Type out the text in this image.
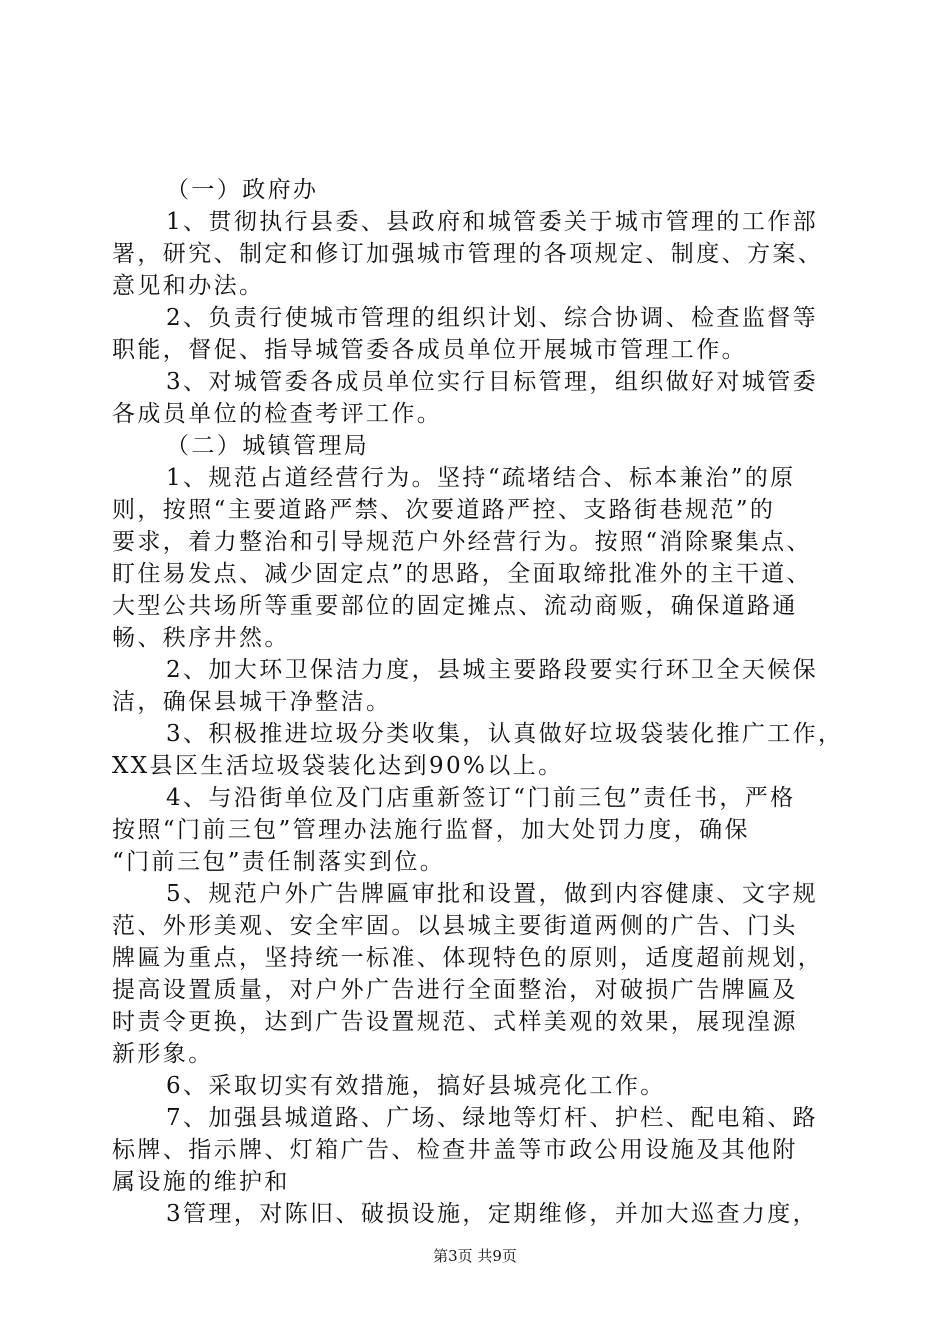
（一）政府办
1、贯彻执行县委、县政府和城管委关于城市管理的工作部
署，研究、制定和修订加强城市管理的各项规定、制度、方案、
意见和办法。
2、负责行使城市管理的组织计划、综合协调、检查监督等
职能，督促、指导城管委各成员单位开展城市管理工作。
3、对城管委各成员单位实行目标管理，组织做好对城管委
各成员单位的检查考评工作。
（二）城镇管理局
1、规范占道经营行为。坚持“疏堵结合、标本兼治”的原
则，按照“主要道路严禁、次要道路严控、支路街巷规范”的
要求，着力整治和引导规范户外经营行为。按照“消除聚集点、
盯住易发点、减少固定点”的思路，全面取缔批准外的主干道、
大型公共场所等重要部位的固定摊点、流动商贩，确保道路通
畅、秩序井然。
2、加大环卫保洁力度，县城主要路段要实行环卫全天候保
洁，确保县城干净整洁。
3、积极推进垃圾分类收集，认真做好垃圾袋装化推广工作，
XX县区生活垃圾袋装化达到90%以上。
4、与沿街单位及门店重新签订“门前三包”责任书，严格
按照“门前三包”管理办法施行监督，加大处罚力度，确保
“门前三包”责任制落实到位。
5、规范户外广告牌匾审批和设置，做到内容健康、文字规
范、外形美观、安全牢固。以县城主要街道两侧的广告、门头
牌匾为重点，坚持统一标准、体现特色的原则，适度超前规划，
提高设置质量，对户外广告进行全面整治，对破损广告牌匾及
时责令更换，达到广告设置规范、式样美观的效果，展现湟源
新形象。
6、采取切实有效措施，搞好县城亮化工作。
7、加强县城道路、广场、绿地等灯杆、护栏、配电箱、路
标牌、指示牌、灯箱广告、检查井盖等市政公用设施及其他附
属设施的维护和
3管理，对陈旧、破损设施，定期维修，并加大巡查力度，
第3页 共9页
